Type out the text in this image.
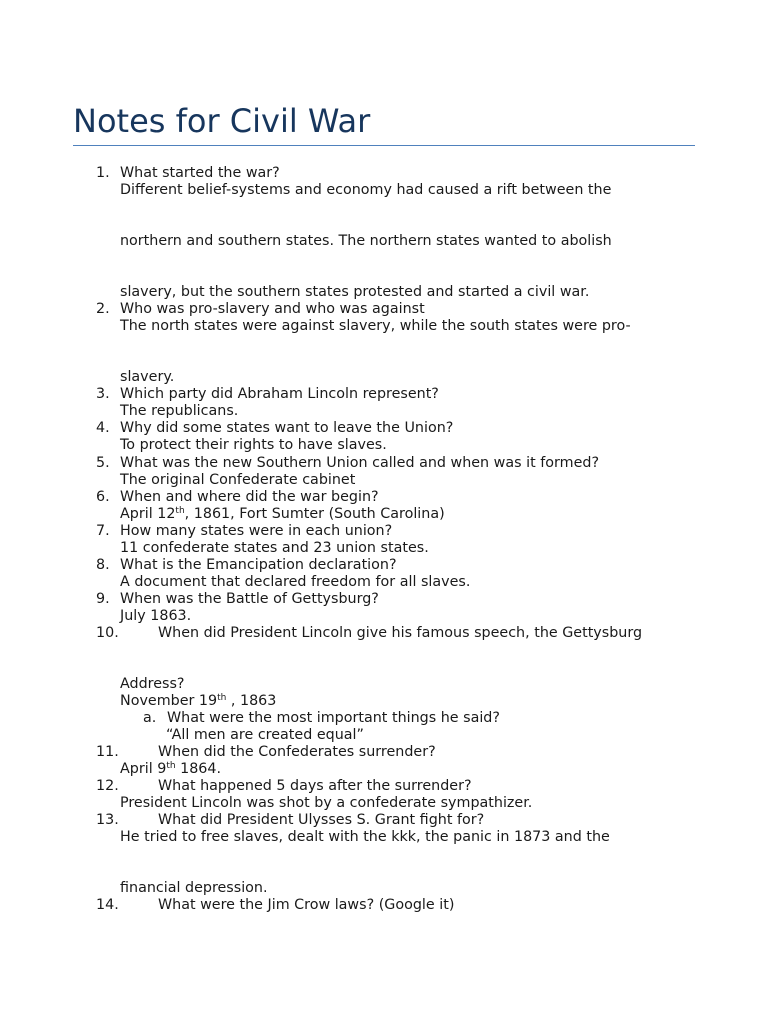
Notes for Civil War
1. What started the war?
Different belief-systems and economy had caused a rift between the
northern and southern states. The northern states wanted to abolish
slavery, but the southern states protested and started a civil war.
2. Who was pro-slavery and who was against
The north states were against slavery, while the south states were pro-
slavery.
3. Which party did Abraham Lincoln represent?
The republicans.
4. Why did some states want to leave the Union?
To protect their rights to have slaves.
5. What was the new Southern Union called and when was it formed?
The original Confederate cabinet
6. When and where did the war begin?
April 12th, 1861, Fort Sumter (South Carolina)
7. How many states were in each union?
11 confederate states and 23 union states.
8. What is the Emancipation declaration?
A document that declared freedom for all slaves.
9. When was the Battle of Gettysburg?
July 1863.
10.	When did President Lincoln give his famous speech, the Gettysburg
Address?
November 19th , 1863
a. What were the most important things he said?
“All men are created equal”
11.	When did the Confederates surrender?
April 9th 1864.
12.	What happened 5 days after the surrender?
President Lincoln was shot by a confederate sympathizer.
13.	What did President Ulysses S. Grant fight for?
He tried to free slaves, dealt with the kkk, the panic in 1873 and the
financial depression.
14.	What were the Jim Crow laws? (Google it)
